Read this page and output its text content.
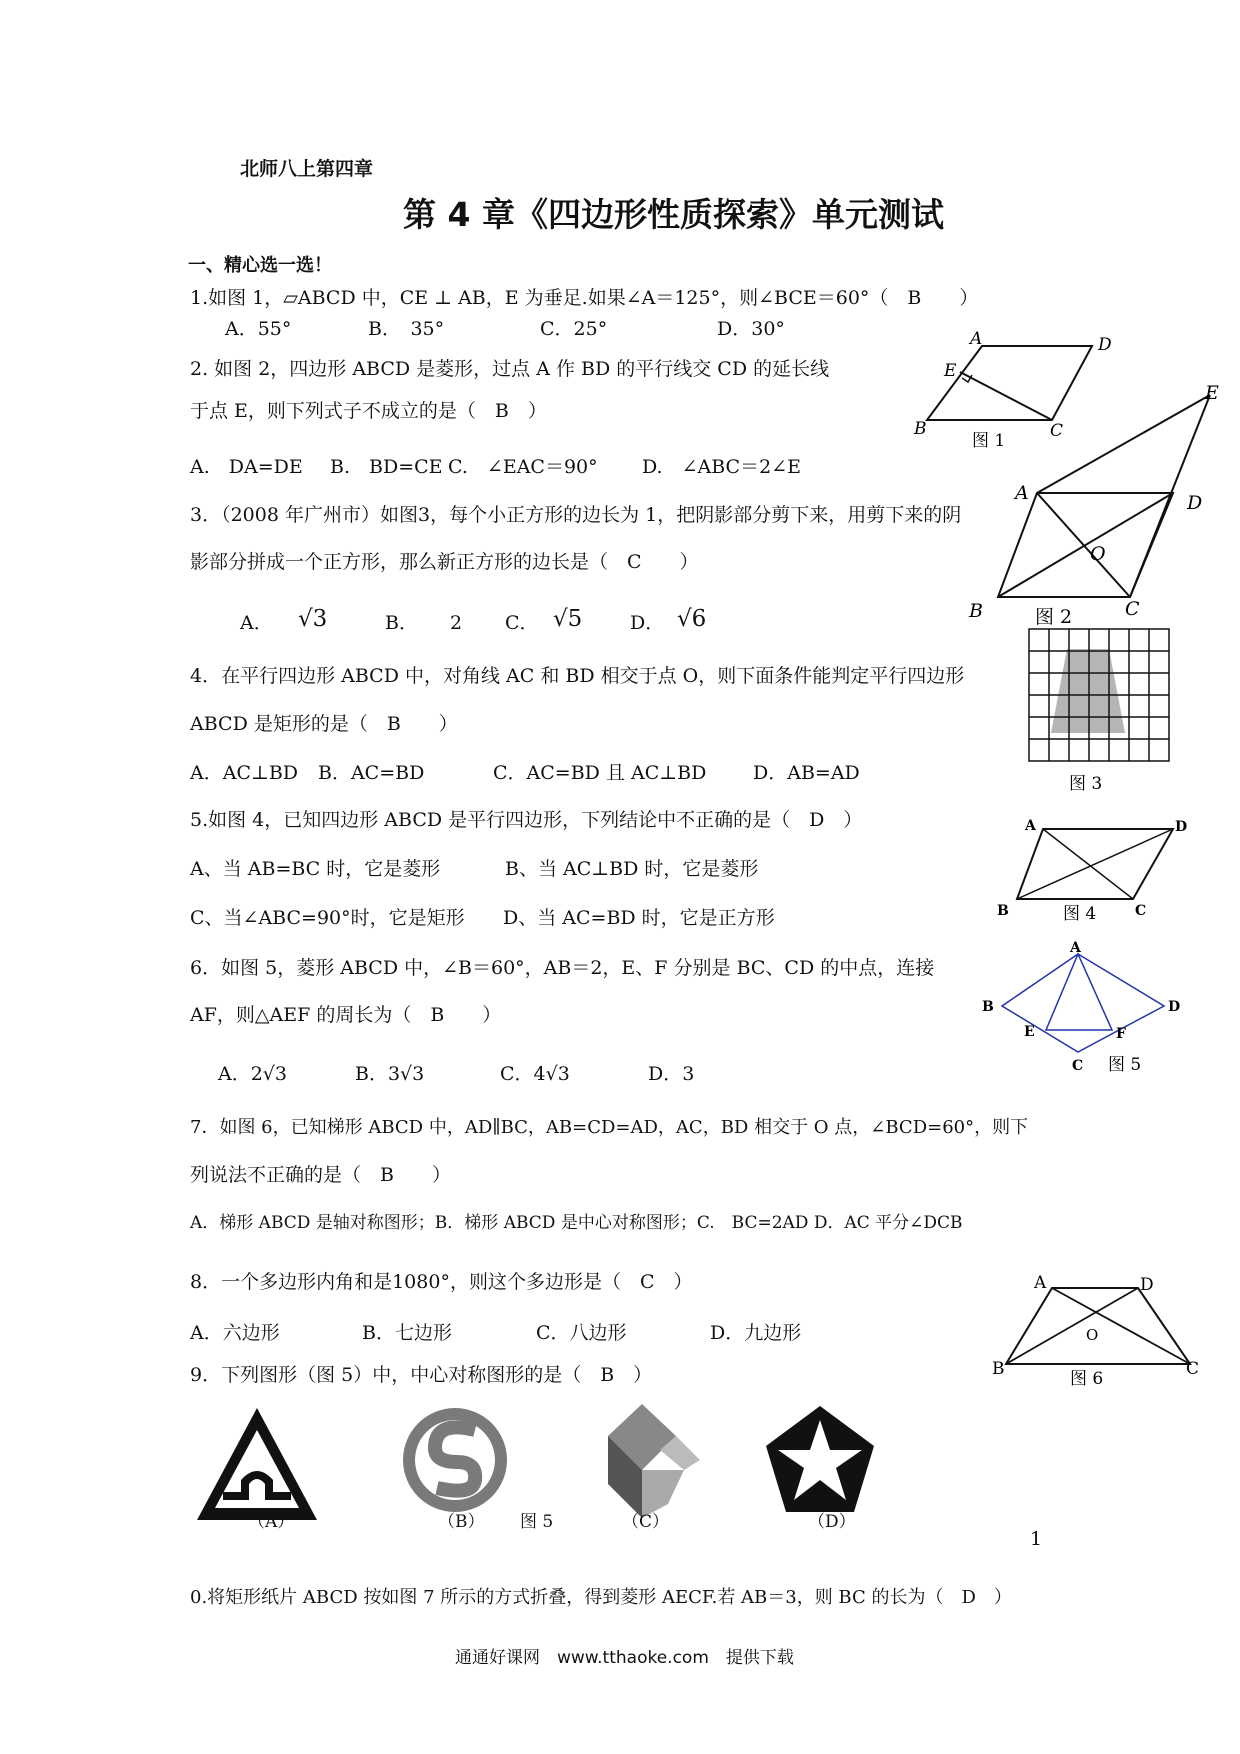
北师八上第四章
第 4 章《四边形性质探索》单元测试
一、精心选一选！
1.如图 1，▱ABCD 中，CE ⊥ AB，E 为垂足.如果∠A＝125°，则∠BCE＝60°（　B　　）
A．55°	B．　35°	C．25°	D．30°
2. 如图 2，四边形 ABCD 是菱形，过点 A 作 BD 的平行线交 CD 的延长线
于点 E，则下列式子不成立的是（　B　）
A.　DA=DE B.　BD=CE C.　∠EAC＝90° D.　∠ABC＝2∠E
3．（2008 年广州市）如图3，每个小正方形的边长为 1，把阴影部分剪下来，用剪下来的阴
影部分拼成一个正方形，那么新正方形的边长是（　C　　）
A． √3	B． 2 C． √5	D． √6
4．在平行四边形 ABCD 中，对角线 AC 和 BD 相交于点 O，则下面条件能判定平行四边形
ABCD 是矩形的是（　B　　）
A．AC⊥BD B．AC=BD	C．AC=BD 且 AC⊥BD D．AB=AD
5.如图 4，已知四边形 ABCD 是平行四边形，下列结论中不正确的是（　D　）
A、当 AB=BC 时，它是菱形	B、当 AC⊥BD 时，它是菱形
C、当∠ABC=90°时，它是矩形 D、当 AC=BD 时，它是正方形
6．如图 5，菱形 ABCD 中，∠B＝60°，AB＝2，E、F 分别是 BC、CD 的中点，连接
AF，则△AEF 的周长为（　B　　）
A．2√3	B．3√3	C．4√3	D．3
7．如图 6，已知梯形 ABCD 中，AD∥BC，AB=CD=AD，AC，BD 相交于 O 点，∠BCD=60°，则下
列说法不正确的是（　B　　）
A．梯形 ABCD 是轴对称图形；B．梯形 ABCD 是中心对称图形；C.　BC=2AD D．AC 平分∠DCB
8．一个多边形内角和是1080°，则这个多边形是（　C　）
A．六边形	B．七边形	C．八边形	D．九边形
9．下列图形（图 5）中，中心对称图形的是（　B　）
（A）	（B） 图 5	（C）	（D）
1
0.将矩形纸片 ABCD 按如图 7 所示的方式折叠，得到菱形 AECF.若 AB＝3，则 BC 的长为（　D　）
通通好课网　www.tthaoke.com　提供下载
A	D
E
B	C
图 1
E
A	D
O
B	C
图 2
图 3
A	D
B	C
图 4
A
B	D
E	F
C 图 5
A	D
O
B	C
图 6
